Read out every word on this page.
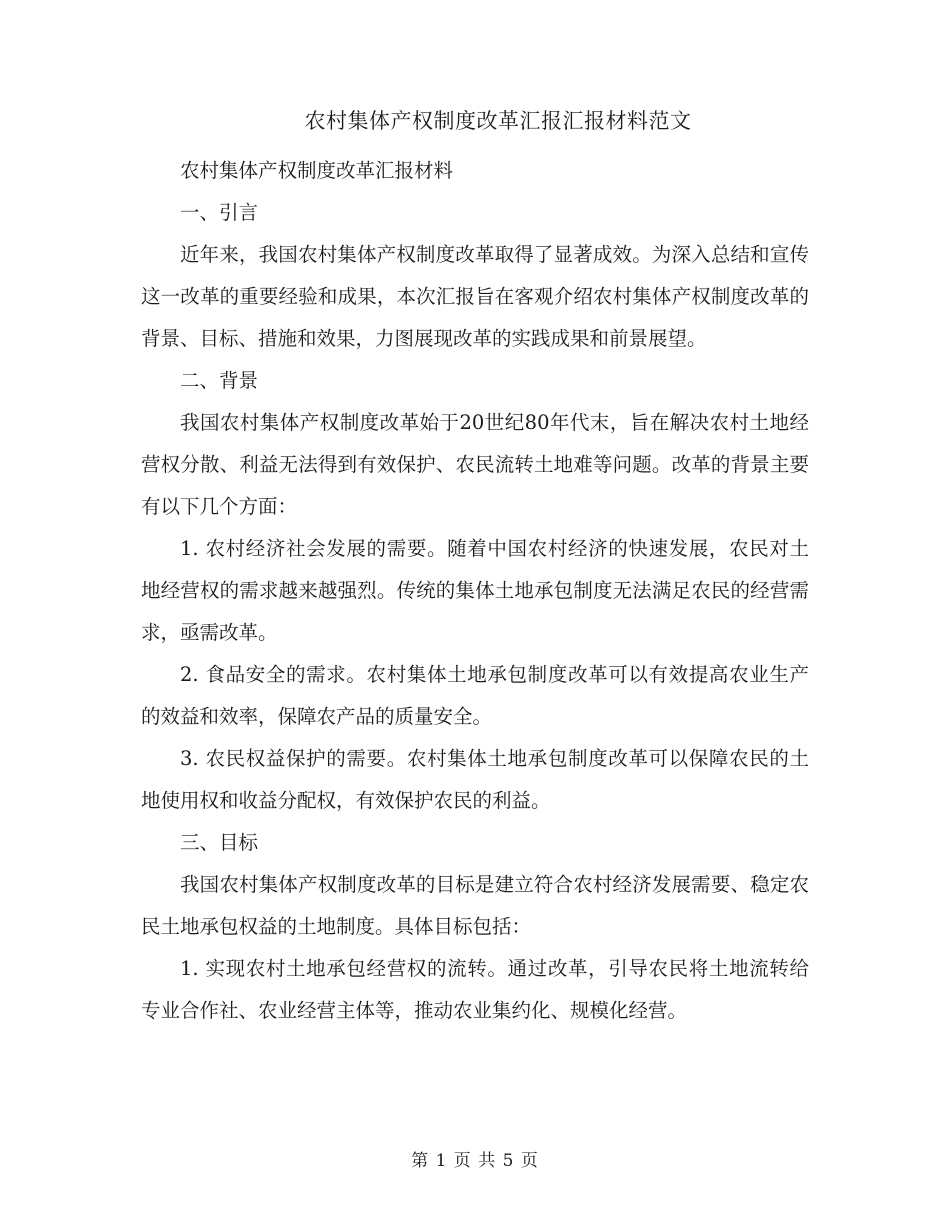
农村集体产权制度改革汇报汇报材料范文

农村集体产权制度改革汇报材料

一、引言

近年来，我国农村集体产权制度改革取得了显著成效。为深入总结和宣传这一改革的重要经验和成果，本次汇报旨在客观介绍农村集体产权制度改革的背景、目标、措施和效果，力图展现改革的实践成果和前景展望。

二、背景

我国农村集体产权制度改革始于20世纪80年代末，旨在解决农村土地经营权分散、利益无法得到有效保护、农民流转土地难等问题。改革的背景主要有以下几个方面：

1. 农村经济社会发展的需要。随着中国农村经济的快速发展，农民对土地经营权的需求越来越强烈。传统的集体土地承包制度无法满足农民的经营需求，亟需改革。

2. 食品安全的需求。农村集体土地承包制度改革可以有效提高农业生产的效益和效率，保障农产品的质量安全。

3. 农民权益保护的需要。农村集体土地承包制度改革可以保障农民的土地使用权和收益分配权，有效保护农民的利益。

三、目标

我国农村集体产权制度改革的目标是建立符合农村经济发展需要、稳定农民土地承包权益的土地制度。具体目标包括：

1. 实现农村土地承包经营权的流转。通过改革，引导农民将土地流转给专业合作社、农业经营主体等，推动农业集约化、规模化经营。

第 1 页 共 5 页
